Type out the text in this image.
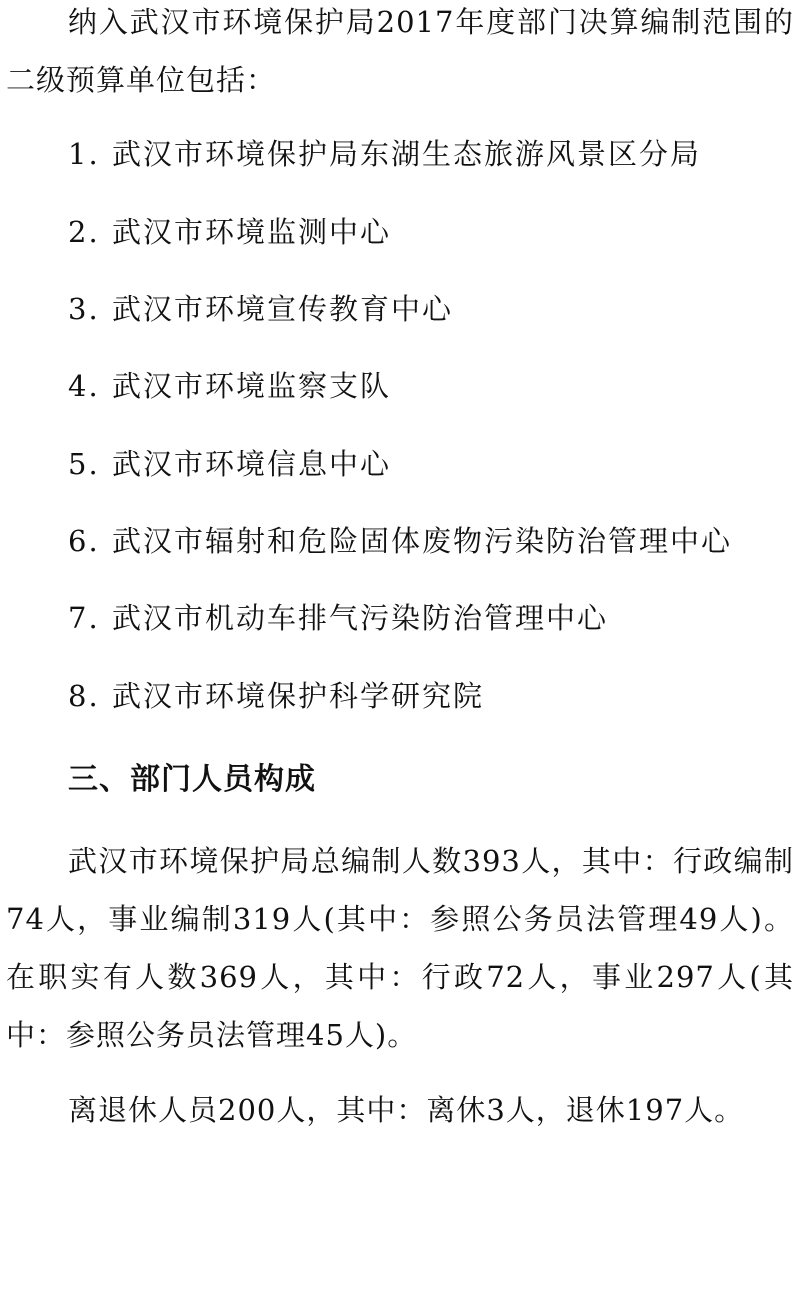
纳入武汉市环境保护局2017年度部门决算编制范围的二级预算单位包括：

1. 武汉市环境保护局东湖生态旅游风景区分局
2. 武汉市环境监测中心
3. 武汉市环境宣传教育中心
4. 武汉市环境监察支队
5. 武汉市环境信息中心
6. 武汉市辐射和危险固体废物污染防治管理中心
7. 武汉市机动车排气污染防治管理中心
8. 武汉市环境保护科学研究院
三、部门人员构成

武汉市环境保护局总编制人数393人，其中：行政编制74人，事业编制319人(其中：参照公务员法管理49人)。在职实有人数369人，其中：行政72人，事业297人(其中：参照公务员法管理45人)。

离退休人员200人，其中：离休3人，退休197人。
